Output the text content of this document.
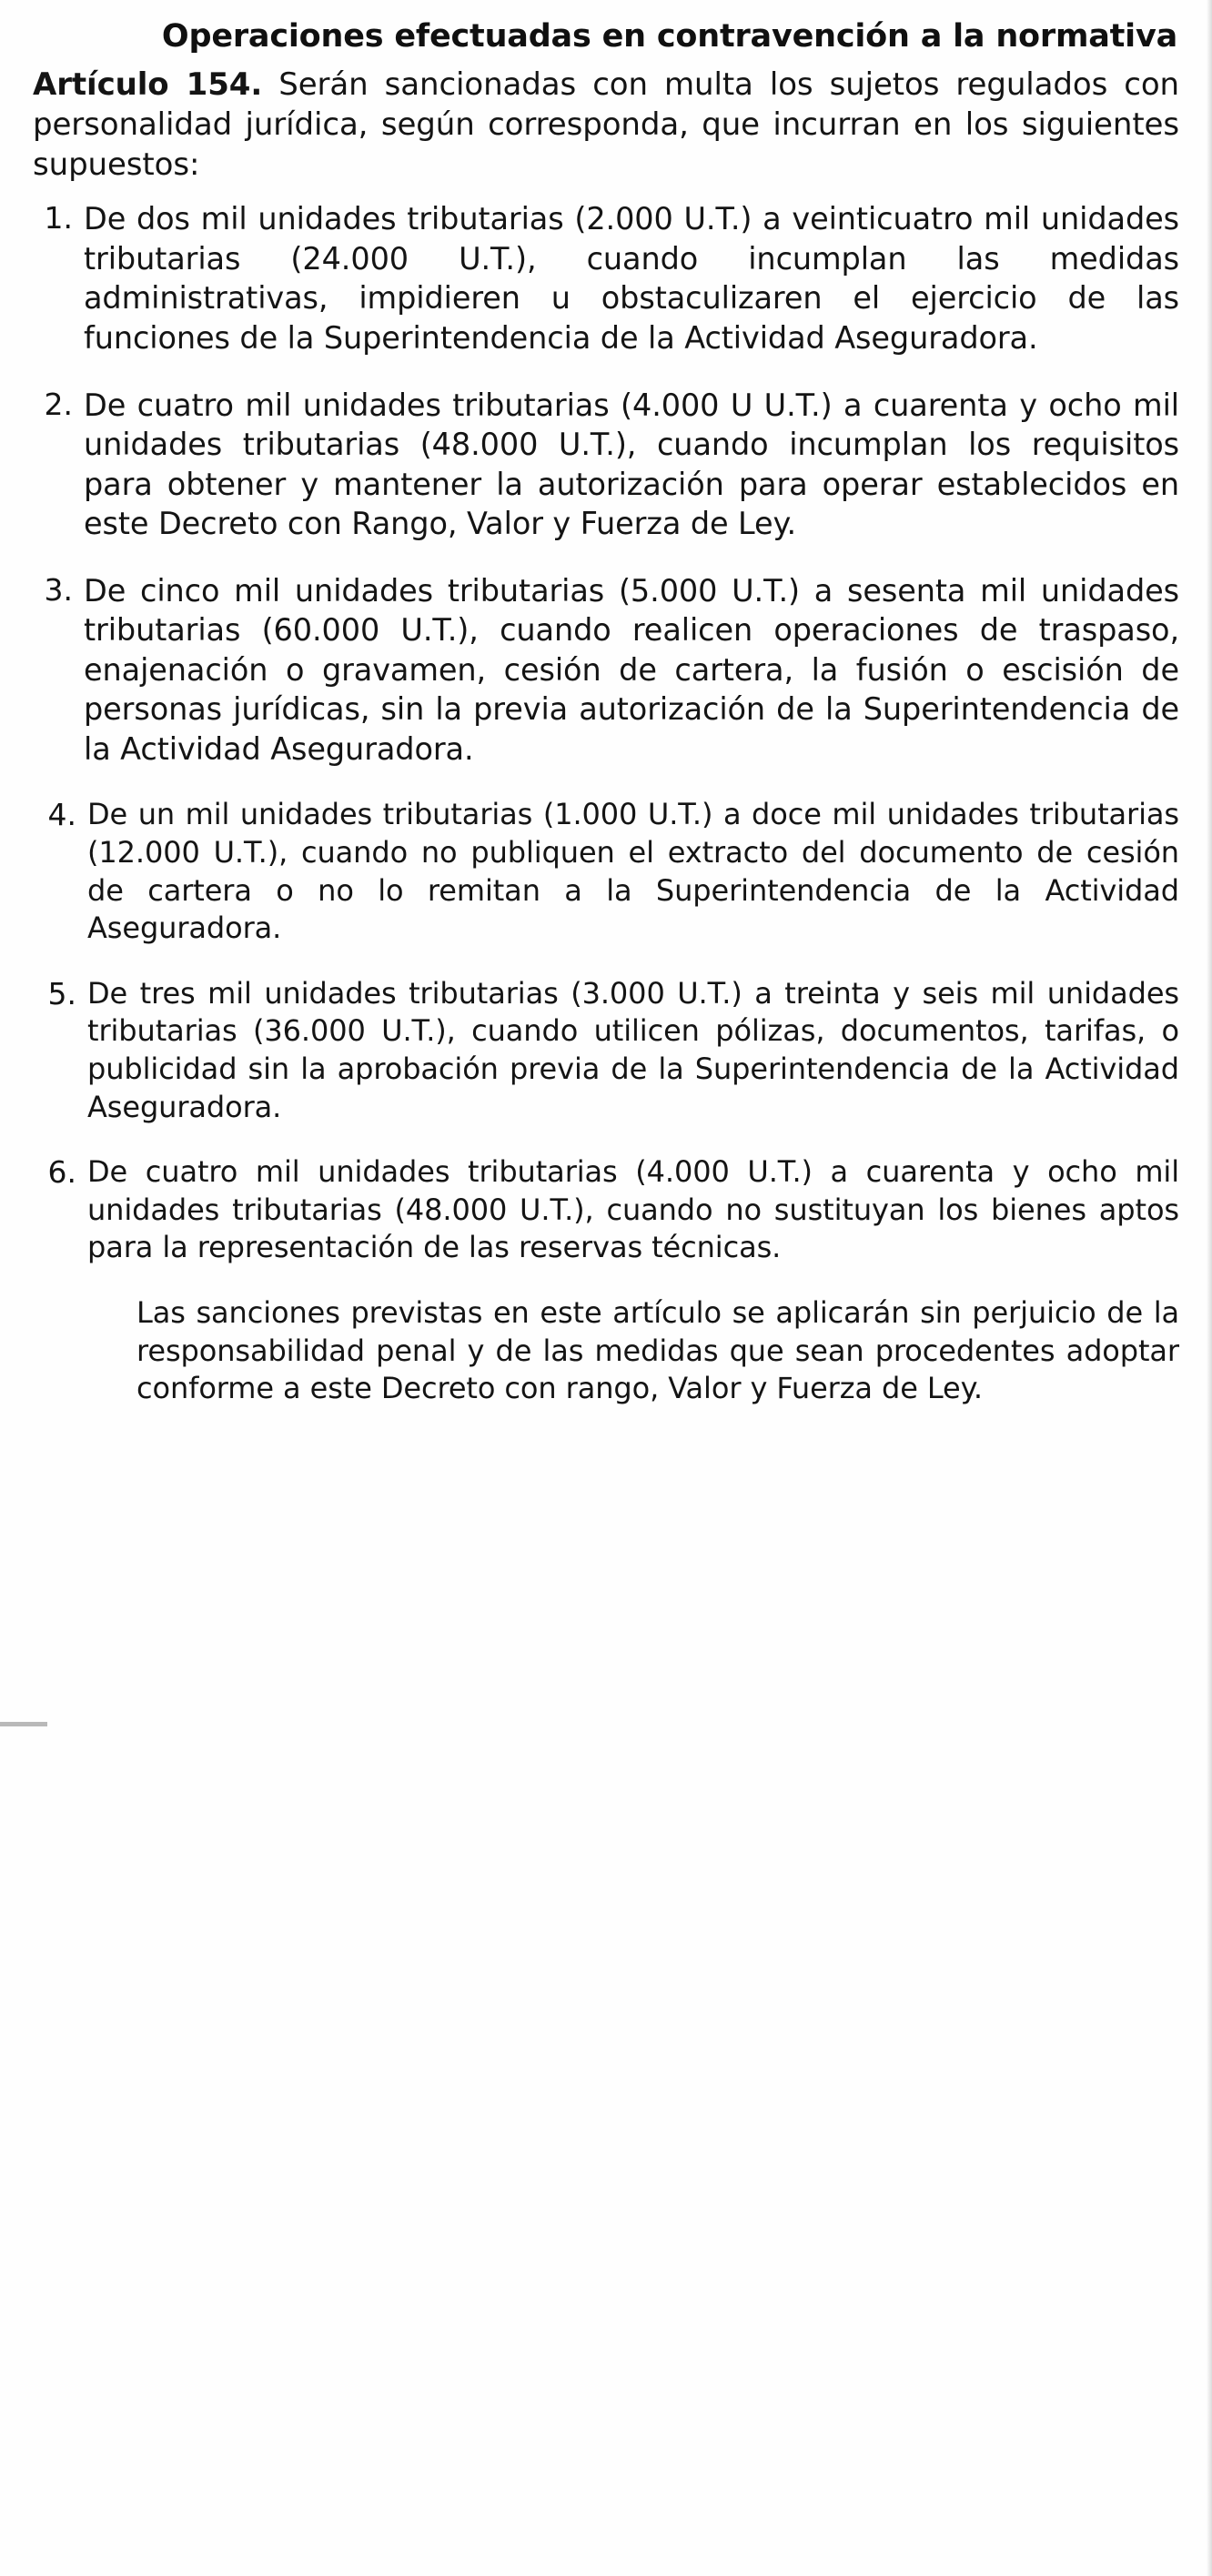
Operaciones efectuadas en contravención a la normativa

Artículo 154. Serán sancionadas con multa los sujetos regulados con personalidad jurídica, según corresponda, que incurran en los siguientes supuestos:

1. De dos mil unidades tributarias (2.000 U.T.) a veinticuatro mil unidades tributarias (24.000 U.T.), cuando incumplan las medidas administrativas, impidieren u obstaculizaren el ejercicio de las funciones de la Superintendencia de la Actividad Aseguradora.
2. De cuatro mil unidades tributarias (4.000 U U.T.) a cuarenta y ocho mil unidades tributarias (48.000 U.T.), cuando incumplan los requisitos para obtener y mantener la autorización para operar establecidos en este Decreto con Rango, Valor y Fuerza de Ley.
3. De cinco mil unidades tributarias (5.000 U.T.) a sesenta mil unidades tributarias (60.000 U.T.), cuando realicen operaciones de traspaso, enajenación o gravamen, cesión de cartera, la fusión o escisión de personas jurídicas, sin la previa autorización de la Superintendencia de la Actividad Aseguradora.
4. De un mil unidades tributarias (1.000 U.T.) a doce mil unidades tributarias (12.000 U.T.), cuando no publiquen el extracto del documento de cesión de cartera o no lo remitan a la Superintendencia de la Actividad Aseguradora.
5. De tres mil unidades tributarias (3.000 U.T.) a treinta y seis mil unidades tributarias (36.000 U.T.), cuando utilicen pólizas, documentos, tarifas, o publicidad sin la aprobación previa de la Superintendencia de la Actividad Aseguradora.
6. De cuatro mil unidades tributarias (4.000 U.T.) a cuarenta y ocho mil unidades tributarias (48.000 U.T.), cuando no sustituyan los bienes aptos para la representación de las reservas técnicas.

Las sanciones previstas en este artículo se aplicarán sin perjuicio de la responsabilidad penal y de las medidas que sean procedentes adoptar conforme a este Decreto con rango, Valor y Fuerza de Ley.
